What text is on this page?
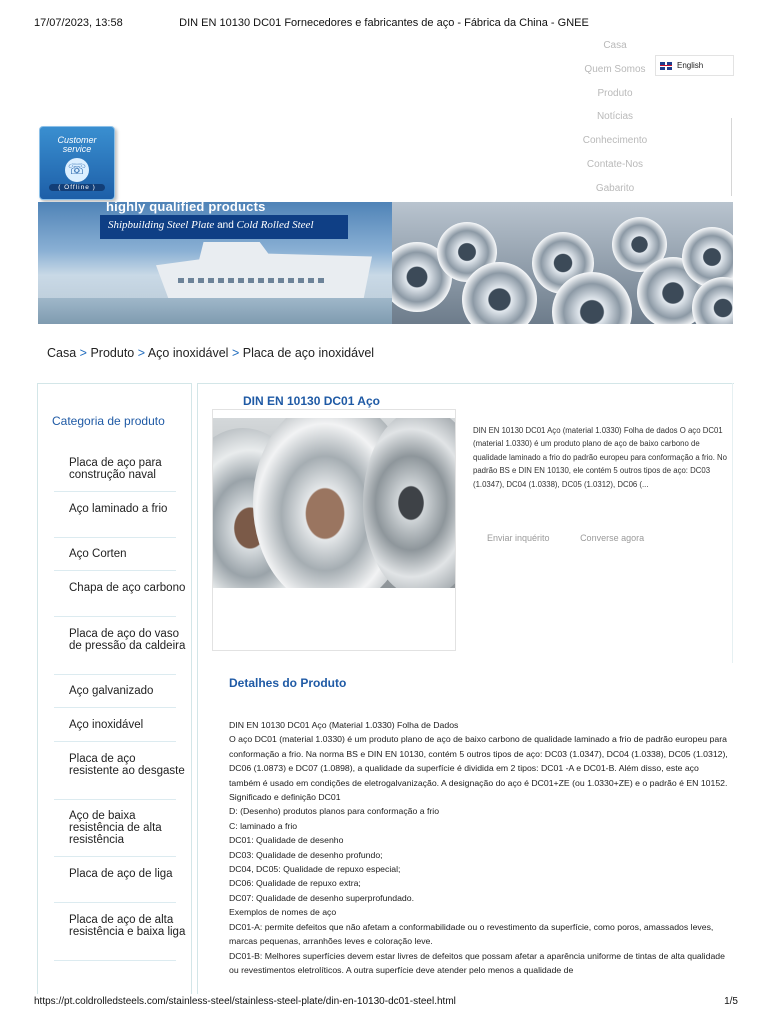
17/07/2023, 13:58	DIN EN 10130 DC01 Fornecedores e fabricantes de aço - Fábrica da China - GNEE
Casa
Quem Somos
Produto
Notícias
Conhecimento
Contate-Nos
Gabarito
English
Customer
service
☏
( Offline )
highly qualified products
Shipbuilding Steel Plate and Cold Rolled Steel
Casa > Produto > Aço inoxidável > Placa de aço inoxidável
Categoria de produto
Placa de aço para construção naval
Aço laminado a frio
Aço Corten
Chapa de aço carbono
Placa de aço do vaso de pressão da caldeira
Aço galvanizado
Aço inoxidável
Placa de aço resistente ao desgaste
Aço de baixa resistência de alta resistência
Placa de aço de liga
Placa de aço de alta resistência e baixa liga
DIN EN 10130 DC01 Aço
DIN EN 10130 DC01 Aço (material 1.0330) Folha de dados O aço DC01 (material 1.0330) é um produto plano de aço de baixo carbono de qualidade laminado a frio do padrão europeu para conformação a frio. No padrão BS e DIN EN 10130, ele contém 5 outros tipos de aço: DC03 (1.0347), DC04 (1.0338), DC05 (1.0312), DC06 (...
Enviar inquérito	Converse agora
Detalhes do Produto

DIN EN 10130 DC01 Aço (Material 1.0330) Folha de Dados

O aço DC01 (material 1.0330) é um produto plano de aço de baixo carbono de qualidade laminado a frio de padrão europeu para conformação a frio. Na norma BS e DIN EN 10130, contém 5 outros tipos de aço: DC03 (1.0347), DC04 (1.0338), DC05 (1.0312), DC06 (1.0873) e DC07 (1.0898), a qualidade da superfície é dividida em 2 tipos: DC01 -A e DC01-B. Além disso, este aço também é usado em condições de eletrogalvanização. A designação do aço é DC01+ZE (ou 1.0330+ZE) e o padrão é EN 10152.

Significado e definição DC01

D: (Desenho) produtos planos para conformação a frio

C: laminado a frio

DC01: Qualidade de desenho

DC03: Qualidade de desenho profundo;

DC04, DC05: Qualidade de repuxo especial;

DC06: Qualidade de repuxo extra;

DC07: Qualidade de desenho superprofundado.

Exemplos de nomes de aço

DC01-A: permite defeitos que não afetam a conformabilidade ou o revestimento da superfície, como poros, amassados leves, marcas pequenas, arranhões leves e coloração leve.

DC01-B: Melhores superfícies devem estar livres de defeitos que possam afetar a aparência uniforme de tintas de alta qualidade ou revestimentos eletrolíticos. A outra superfície deve atender pelo menos a qualidade de

https://pt.coldrolledsteels.com/stainless-steel/stainless-steel-plate/din-en-10130-dc01-steel.html	1/5
